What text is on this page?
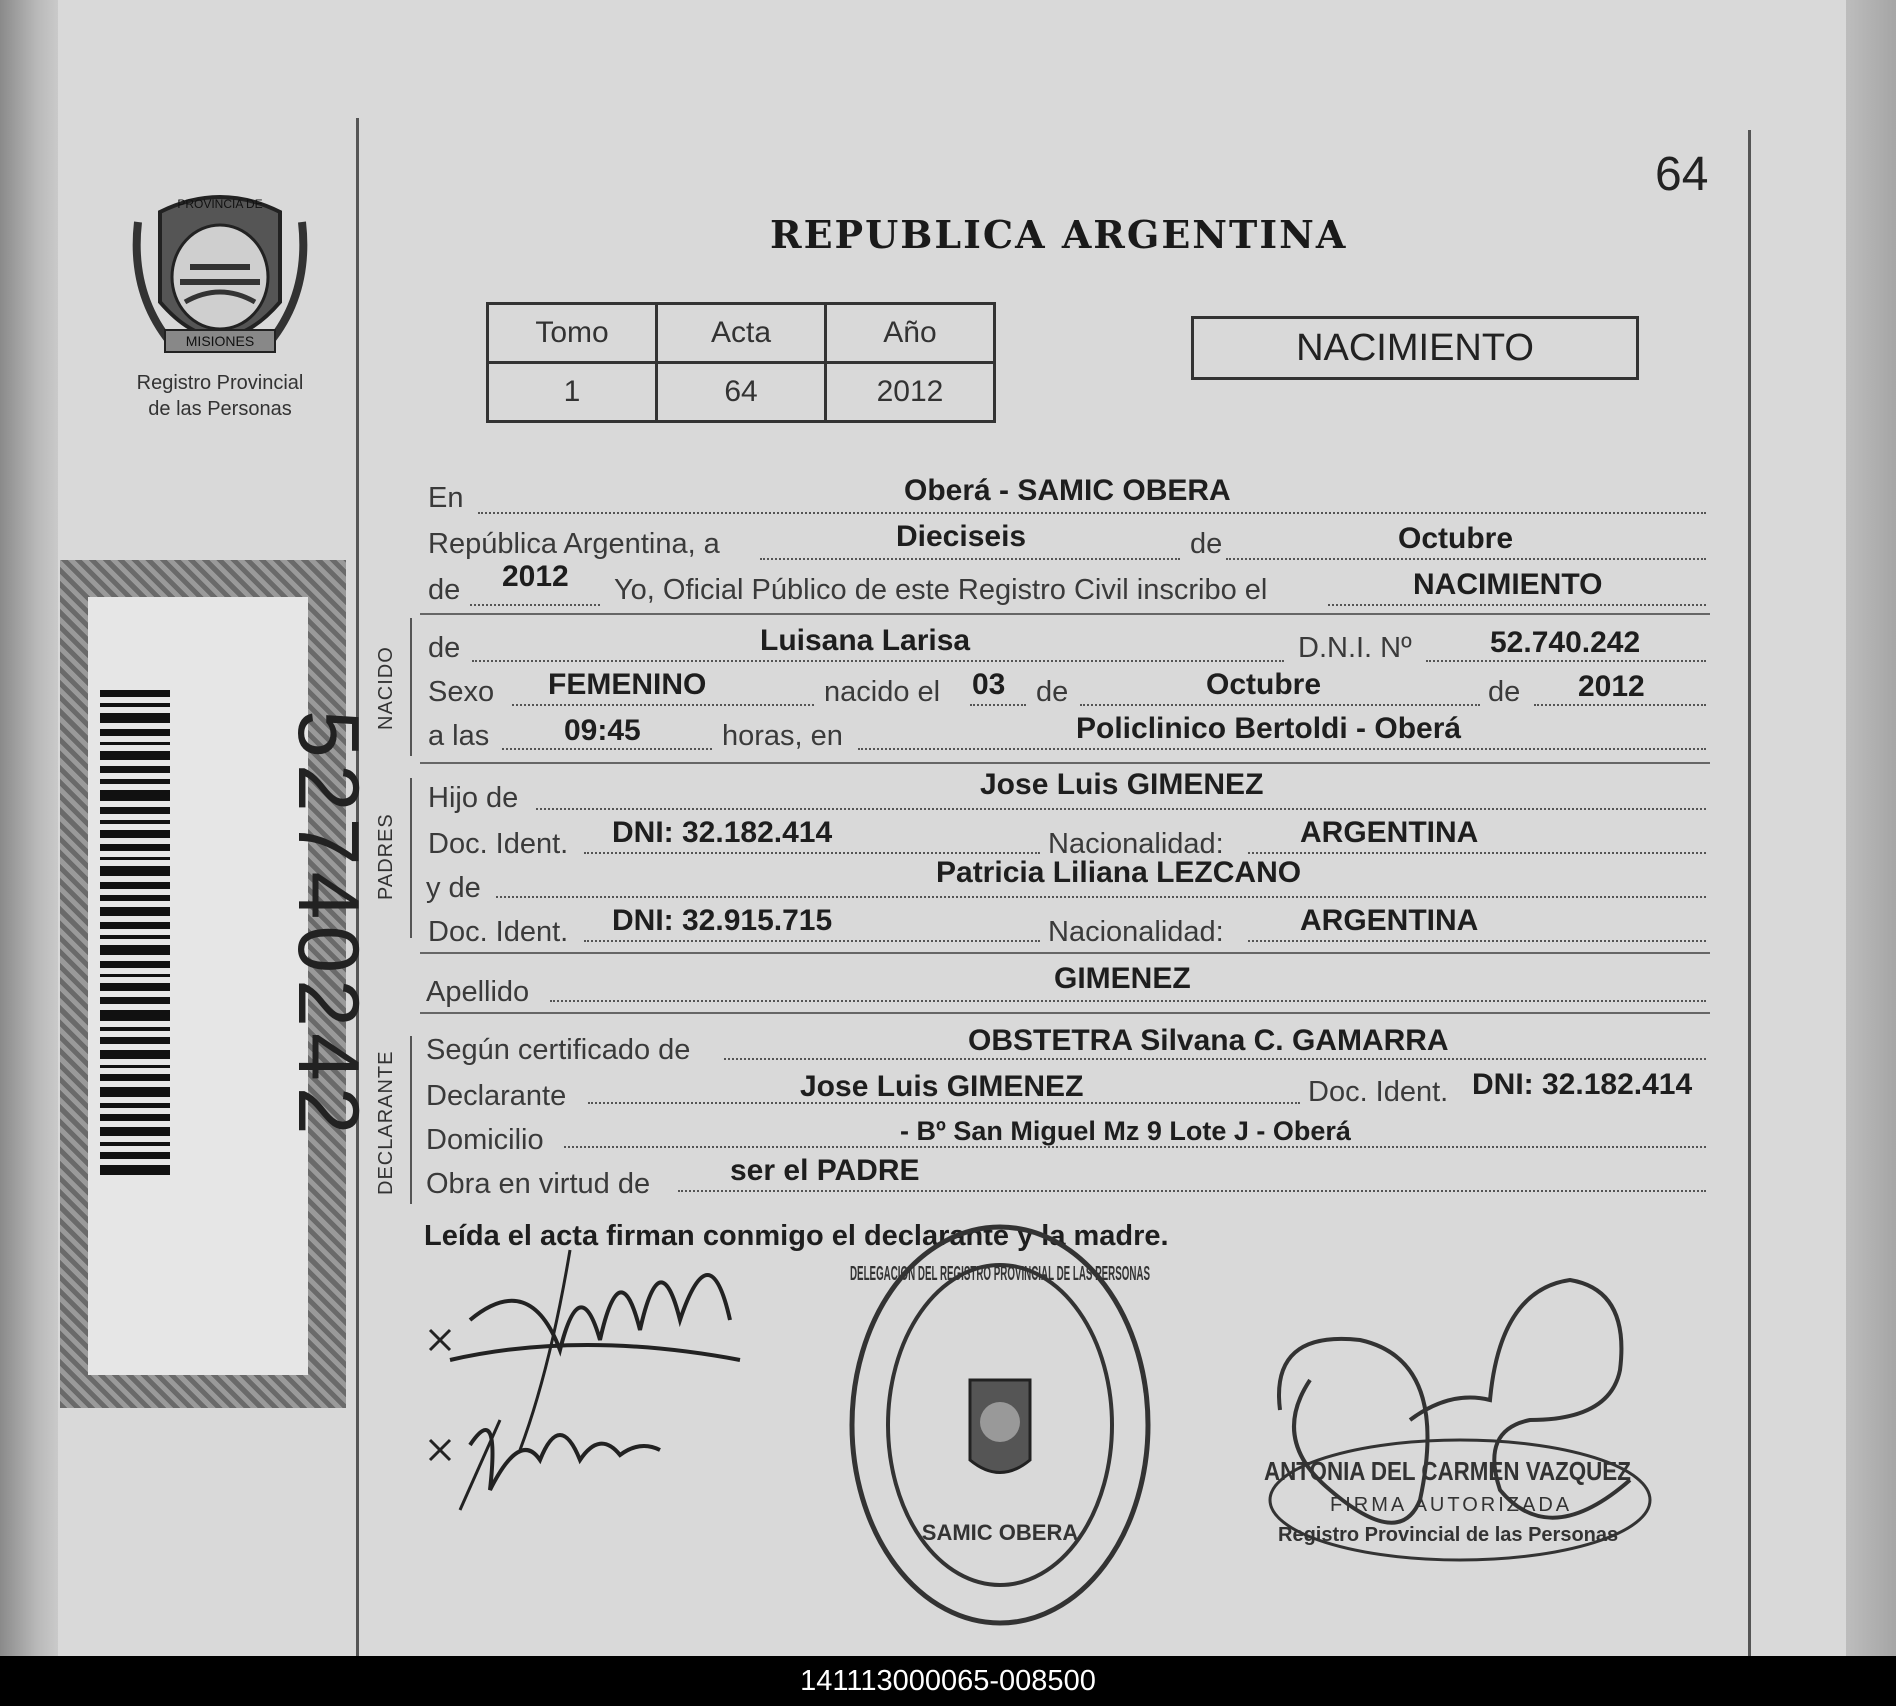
MISIONES
PROVINCIA DE
Registro Provincial
de las Personas
52740242
64
REPUBLICA ARGENTINA
Tomo	Acta	Año
1	64	2012
NACIMIENTO
NACIDO
PADRES
DECLARANTE
En	Oberá - SAMIC OBERA
República Argentina, a	Dieciseis	de	Octubre
de 2012 Yo, Oficial Público de este Registro Civil inscribo el	NACIMIENTO
de	Luisana Larisa	D.N.I. Nº	52.740.242
Sexo FEMENINO	nacido el 03 de	Octubre	de 2012
a las 09:45	horas, en	Policlinico Bertoldi - Oberá
Hijo de	Jose Luis GIMENEZ
Doc. Ident. DNI: 32.182.414	Nacionalidad:	ARGENTINA
y de	Patricia Liliana LEZCANO
Doc. Ident. DNI: 32.915.715	Nacionalidad:	ARGENTINA
Apellido	GIMENEZ
Según certificado de	OBSTETRA Silvana C. GAMARRA
Declarante	Jose Luis GIMENEZ	Doc. Ident. DNI: 32.182.414
Domicilio	- Bº San Miguel Mz 9 Lote J - Oberá
Obra en virtud de	ser el PADRE
Leída el acta firman conmigo el declarante y la madre.
DELEGACION DEL REGISTRO PROVINCIAL DE LAS PERSONAS
SAMIC OBERA
ANTONIA DEL CARMEN VAZQUEZ
FIRMA AUTORIZADA
Registro Provincial de las Personas
141113000065-008500
